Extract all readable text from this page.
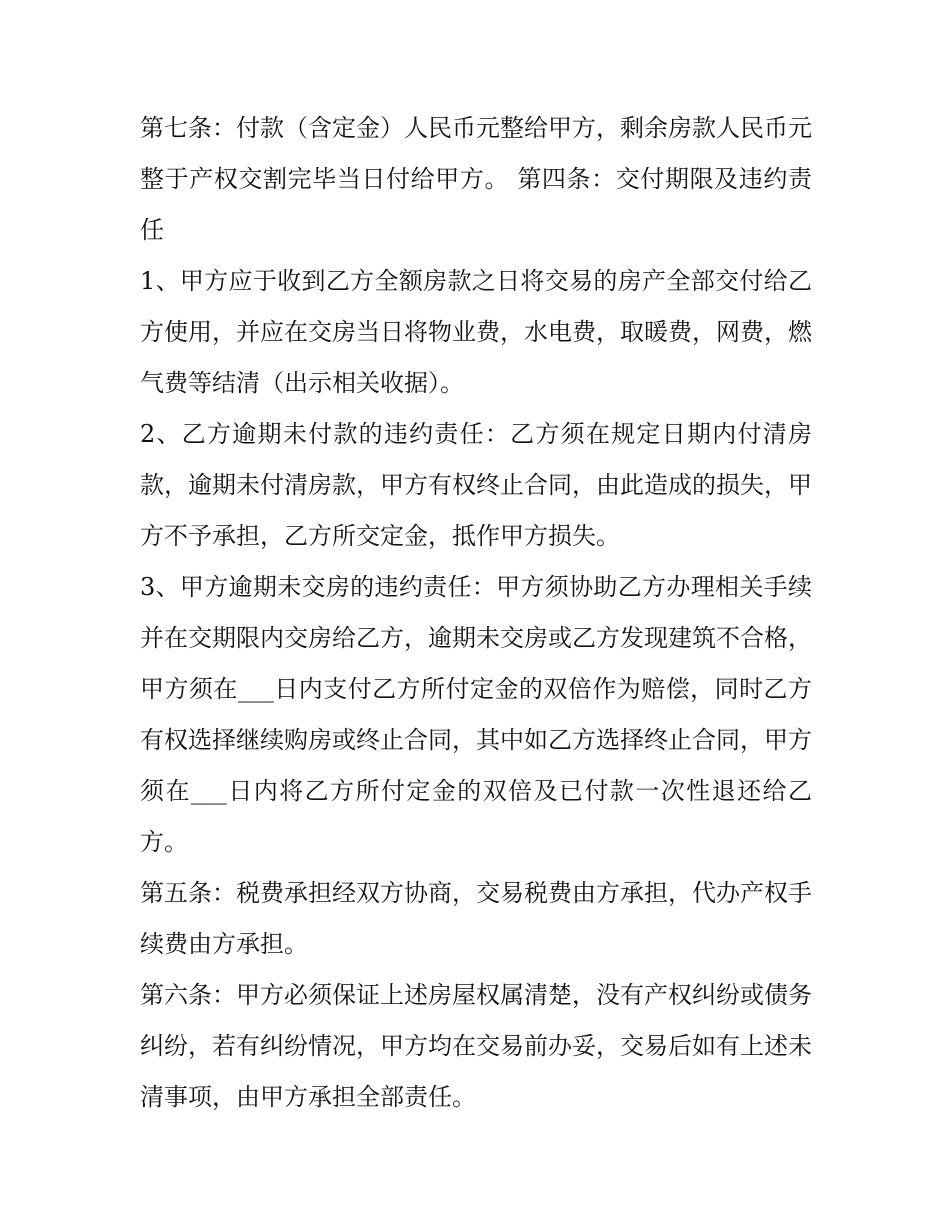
第七条：付款（含定金）人民币元整给甲方，剩余房款人民币元整于产权交割完毕当日付给甲方。 第四条：交付期限及违约责任

1、甲方应于收到乙方全额房款之日将交易的房产全部交付给乙方使用，并应在交房当日将物业费，水电费，取暖费，网费，燃气费等结清（出示相关收据）。

2、乙方逾期未付款的违约责任：乙方须在规定日期内付清房款，逾期未付清房款，甲方有权终止合同，由此造成的损失，甲方不予承担，乙方所交定金，抵作甲方损失。

3、甲方逾期未交房的违约责任：甲方须协助乙方办理相关手续并在交期限内交房给乙方，逾期未交房或乙方发现建筑不合格，甲方须在___日内支付乙方所付定金的双倍作为赔偿，同时乙方有权选择继续购房或终止合同，其中如乙方选择终止合同，甲方须在___日内将乙方所付定金的双倍及已付款一次性退还给乙方。

第五条：税费承担经双方协商，交易税费由方承担，代办产权手续费由方承担。

第六条：甲方必须保证上述房屋权属清楚，没有产权纠纷或债务纠纷，若有纠纷情况，甲方均在交易前办妥，交易后如有上述未清事项，由甲方承担全部责任。
